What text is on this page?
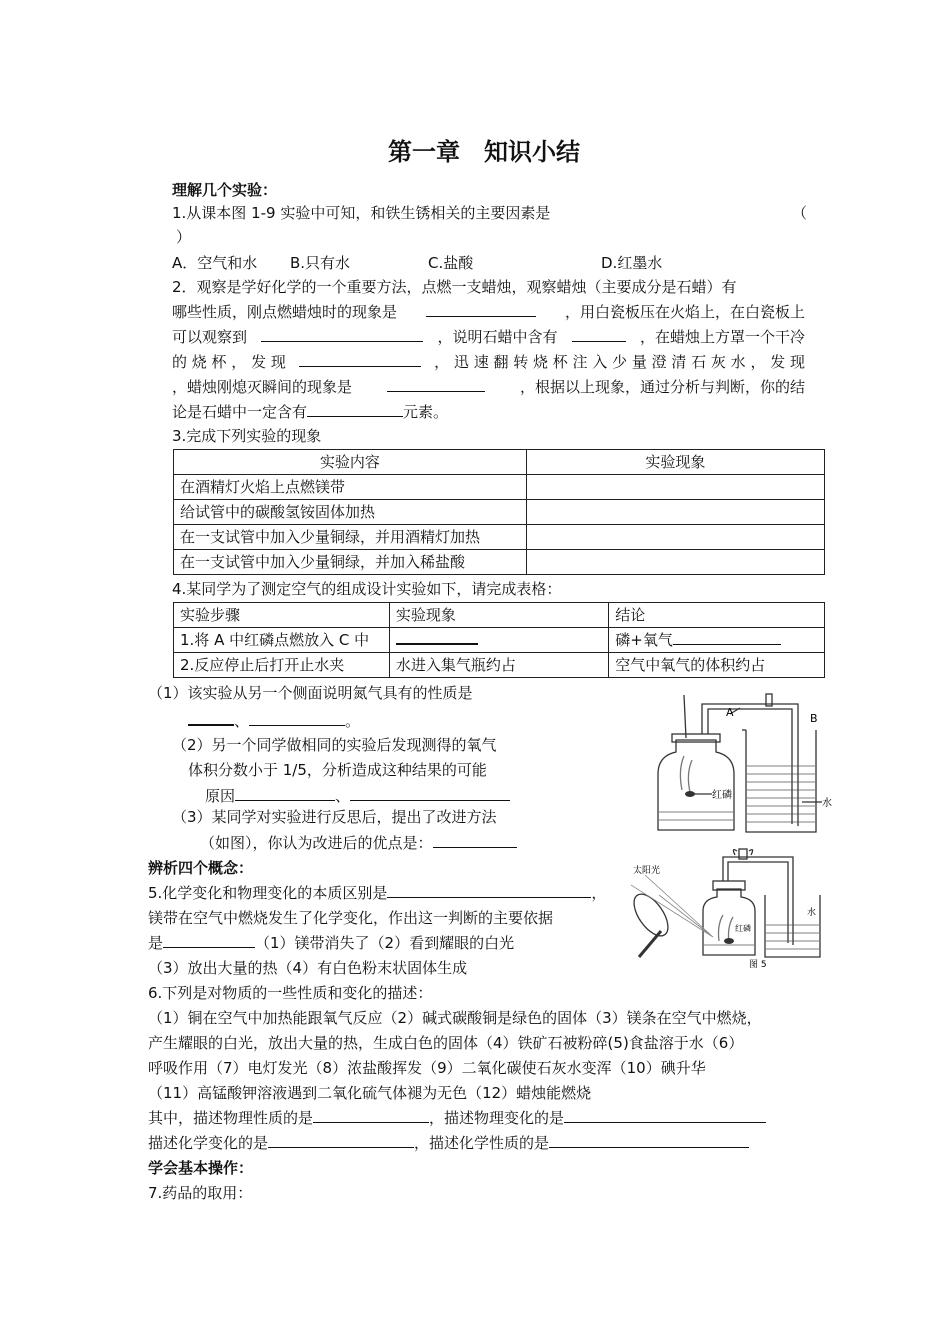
第一章　知识小结
理解几个实验：
1.从课本图 1-9 实验中可知，和铁生锈相关的主要因素是	（
）
A．空气和水 B.只有水	C.盐酸	D.红墨水
2．观察是学好化学的一个重要方法，点燃一支蜡烛，观察蜡烛（主要成分是石蜡）有
哪些性质，刚点燃蜡烛时的现象是	，用白瓷板压在火焰上，在白瓷板上
可以观察到	，说明石蜡中含有	，在蜡烛上方罩一个干冷
的 烧 杯 ， 发 现	， 迅 速 翻 转 烧 杯 注 入 少 量 澄 清 石 灰 水 ， 发 现
，蜡烛刚熄灭瞬间的现象是	，根据以上现象，通过分析与判断，你的结
论是石蜡中一定含有	元素。
3.完成下列实验的现象
实验内容	实验现象
在酒精灯火焰上点燃镁带	
给试管中的碳酸氢铵固体加热	
在一支试管中加入少量铜绿，并用酒精灯加热	
在一支试管中加入少量铜绿，并加入稀盐酸	
4.某同学为了测定空气的组成设计实验如下，请完成表格：
实验步骤	实验现象	结论
1.将 A 中红磷点燃放入 C 中		磷+氧气
2.反应停止后打开止水夹	水进入集气瓶约占	空气中氧气的体积约占
（1）该实验从另一个侧面说明氮气具有的性质是
、	。
（2）另一个同学做相同的实验后发现测得的氧气
体积分数小于 1/5，分析造成这种结果的可能
原因	、
（3）某同学对实验进行反思后，提出了改进方法
（如图），你认为改进后的优点是：
A	B
红磷
水
辨析四个概念：
5.化学变化和物理变化的本质区别是	，
镁带在空气中燃烧发生了化学变化，作出这一判断的主要依据
是	（1）镁带消失了（2）看到耀眼的白光
（3）放出大量的热（4）有白色粉末状固体生成
太阳光
红磷
水
图 5
6.下列是对物质的一些性质和变化的描述：
（1）铜在空气中加热能跟氧气反应（2）碱式碳酸铜是绿色的固体（3）镁条在空气中燃烧，
产生耀眼的白光，放出大量的热，生成白色的固体（4）铁矿石被粉碎(5)食盐溶于水（6）
呼吸作用（7）电灯发光（8）浓盐酸挥发（9）二氧化碳使石灰水变浑（10）碘升华
（11）高锰酸钾溶液遇到二氧化硫气体褪为无色（12）蜡烛能燃烧
其中，描述物理性质的是	，描述物理变化的是
描述化学变化的是	，描述化学性质的是
学会基本操作：
7.药品的取用：
